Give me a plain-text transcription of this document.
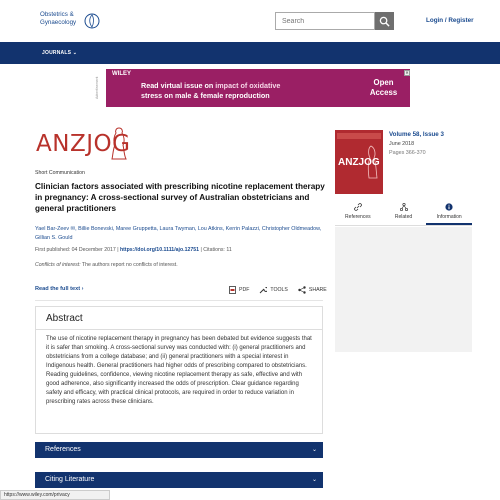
Obstetrics &
Gynaecology
Search	Login / Register
JOURNALS ⌄
Advertisement
WILEY
Read virtual issue on impact of oxidative
stress on male & female reproduction
Open
Access
✕
ANZJOG
Short Communication
Clinician factors associated with prescribing nicotine replacement therapy in pregnancy: A cross-sectional survey of Australian obstetricians and general practitioners
Yael Bar-Zeev ✉, Billie Bonevski, Maree Gruppetta, Laura Twyman, Lou Atkins, Kerrin Palazzi, Christopher Oldmeadow, Gillian S. Gould
First published: 04 December 2017 | https://doi.org/10.1111/ajo.12751 | Citations: 11
Conflicts of interest: The authors report no conflicts of interest.
Read the full text ›	PDF	TOOLS	SHARE
Abstract
The use of nicotine replacement therapy in pregnancy has been debated but evidence suggests that it is safer than smoking. A cross-sectional survey was conducted with: (i) general practitioners and obstetricians from a college database; and (ii) general practitioners with a special interest in Indigenous health. General practitioners had higher odds of prescribing compared to obstetricians. Reading guidelines, confidence, viewing nicotine replacement therapy as safe, effective and with good adherence, also significantly increased the odds of prescription. Clear guidance regarding safety and efficacy, with practical clinical protocols, are required in order to reduce variation in prescribing rates across these clinicians.
References	⌄
Citing Literature	⌄
ANZJOG
Volume 58, Issue 3
June 2018
Pages 366-370
References	Related	Information
https://www.wiley.com/privacy
